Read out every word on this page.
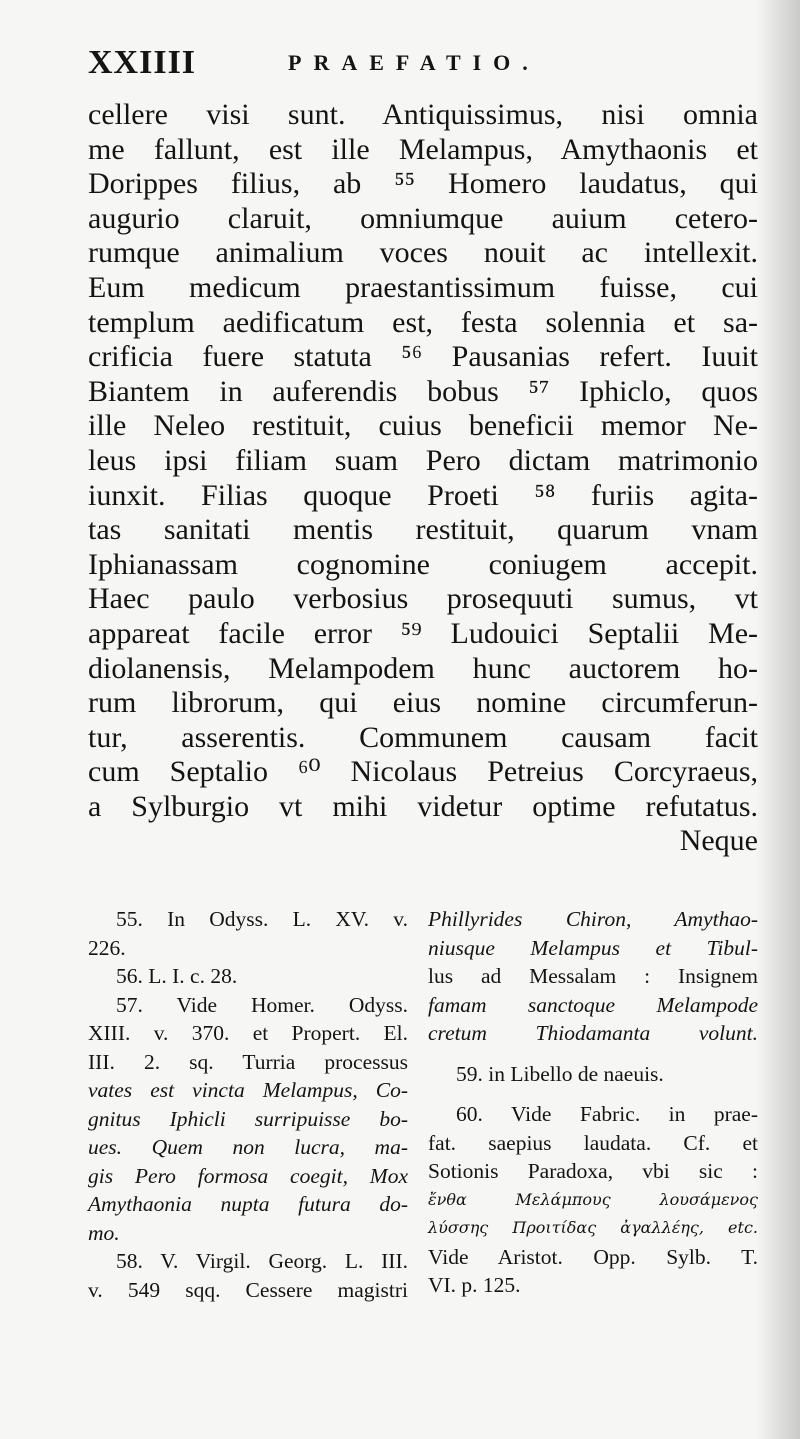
XXIIII	PRAEFATIO.
cellere visi sunt. Antiquissimus, nisi omnia
me fallunt, est ille Melampus, Amythaonis et
Dorippes filius, ab ⁵⁵ Homero laudatus, qui
augurio claruit, omniumque auium cetero-
rumque animalium voces nouit ac intellexit.
Eum medicum praestantissimum fuisse, cui
templum aedificatum est, festa solennia et sa-
crificia fuere statuta ⁵⁶ Pausanias refert. Iuuit
Biantem in auferendis bobus ⁵⁷ Iphiclo, quos
ille Neleo restituit, cuius beneficii memor Ne-
leus ipsi filiam suam Pero dictam matrimonio
iunxit. Filias quoque Proeti ⁵⁸ furiis agita-
tas sanitati mentis restituit, quarum vnam
Iphianassam cognomine coniugem accepit.
Haec paulo verbosius prosequuti sumus, vt
appareat facile error ⁵⁹ Ludouici Septalii Me-
diolanensis, Melampodem hunc auctorem ho-
rum librorum, qui eius nomine circumferun-
tur, asserentis. Communem causam facit
cum Septalio ⁶⁰ Nicolaus Petreius Corcyraeus,
a Sylburgio vt mihi videtur optime refutatus.
Neque
55. In Odyss. L. XV. v.
226.
56. L. I. c. 28.
57. Vide Homer. Odyss.
XIII. v. 370. et Propert. El.
III. 2. sq. Turria processus
vates est vincta Melampus, Co-
gnitus Iphicli surripuisse bo-
ues. Quem non lucra, ma-
gis Pero formosa coegit, Mox
Amythaonia nupta futura do-
mo.
58. V. Virgil. Georg. L. III.
v. 549 sqq. Cessere magistri
Phillyrides Chiron, Amythao-
niusque Melampus et Tibul-
lus ad Messalam : Insignem
famam sanctoque Melampode
cretum Thiodamanta volunt.
59. in Libello de naeuis.
60. Vide Fabric. in prae-
fat. saepius laudata. Cf. et
Sotionis Paradoxa, vbi sic :
ἔνθα Μελάμπους λουσάμενος
λύσσης Προιτίδας ἀγαλλέης, etc.
Vide Aristot. Opp. Sylb. T.
VI. p. 125.
